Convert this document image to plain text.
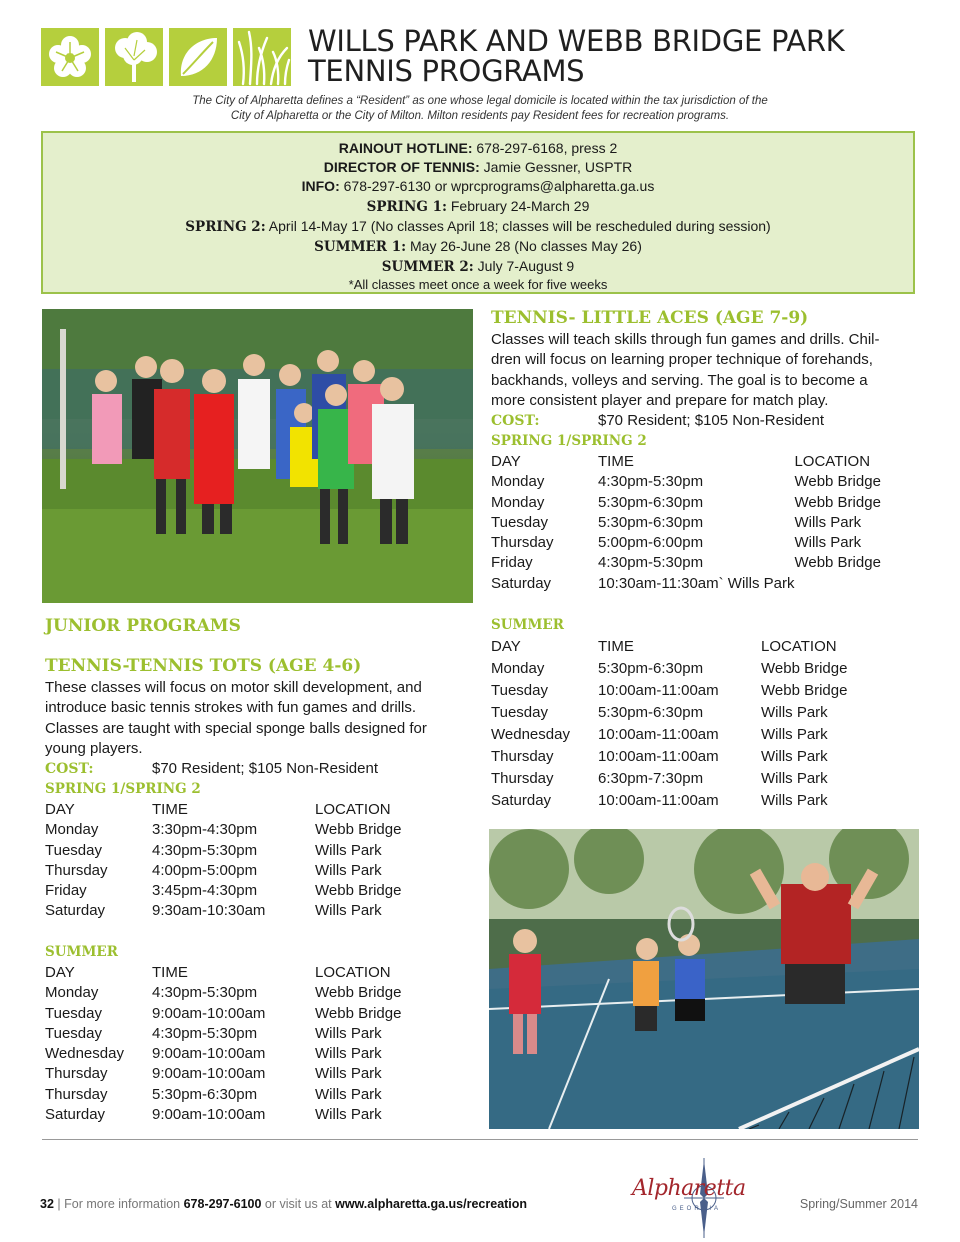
WILLS PARK AND WEBB BRIDGE PARK
TENNIS PROGRAMS
The City of Alpharetta defines a “Resident” as one whose legal domicile is located within the tax jurisdiction of the
City of Alpharetta or the City of Milton. Milton residents pay Resident fees for recreation programs.
RAINOUT HOTLINE: 678-297-6168, press 2
DIRECTOR OF TENNIS: Jamie Gessner, USPTR
INFO: 678-297-6130 or wprcprograms@alpharetta.ga.us
SPRING 1: February 24-March 29
SPRING 2: April 14-May 17 (No classes April 18; classes will be rescheduled during session)
SUMMER 1: May 26-June 28 (No classes May 26)
SUMMER 2: July 7-August 9
*All classes meet once a week for five weeks
JUNIOR PROGRAMS
TENNIS-TENNIS TOTS (AGE 4-6)
These classes will focus on motor skill development, and introduce basic tennis strokes with fun games and drills. Classes are taught with special sponge balls designed for young players.
COST:	$70 Resident; $105 Non-Resident
SPRING 1/SPRING 2
DAY	TIME	LOCATION
Monday	3:30pm-4:30pm	Webb Bridge
Tuesday	4:30pm-5:30pm	Wills Park
Thursday	4:00pm-5:00pm	Wills Park
Friday	3:45pm-4:30pm	Webb Bridge
Saturday	9:30am-10:30am	Wills Park
SUMMER
DAY	TIME	LOCATION
Monday	4:30pm-5:30pm	Webb Bridge
Tuesday	9:00am-10:00am	Webb Bridge
Tuesday	4:30pm-5:30pm	Wills Park
Wednesday	9:00am-10:00am	Wills Park
Thursday	9:00am-10:00am	Wills Park
Thursday	5:30pm-6:30pm	Wills Park
Saturday	9:00am-10:00am	Wills Park
TENNIS- LITTLE ACES (AGE 7-9)
Classes will teach skills through fun games and drills. Chil-
dren will focus on learning proper technique of forehands,
backhands, volleys and serving. The goal is to become a
more consistent player and prepare for match play.
COST:	$70 Resident; $105 Non-Resident
SPRING 1/SPRING 2
DAY	TIME	LOCATION
Monday	4:30pm-5:30pm	Webb Bridge
Monday	5:30pm-6:30pm	Webb Bridge
Tuesday	5:30pm-6:30pm	Wills Park
Thursday	5:00pm-6:00pm	Wills Park
Friday	4:30pm-5:30pm	Webb Bridge
Saturday	10:30am-11:30am` Wills Park	
SUMMER
DAY	TIME	LOCATION
Monday	5:30pm-6:30pm	Webb Bridge
Tuesday	10:00am-11:00am	Webb Bridge
Tuesday	5:30pm-6:30pm	Wills Park
Wednesday	10:00am-11:00am	Wills Park
Thursday	10:00am-11:00am	Wills Park
Thursday	6:30pm-7:30pm	Wills Park
Saturday	10:00am-11:00am	Wills Park
32 | For more information 678-297-6100 or visit us at www.alpharetta.ga.us/recreation
Alpharetta
GEORGIA	Spring/Summer 2014
